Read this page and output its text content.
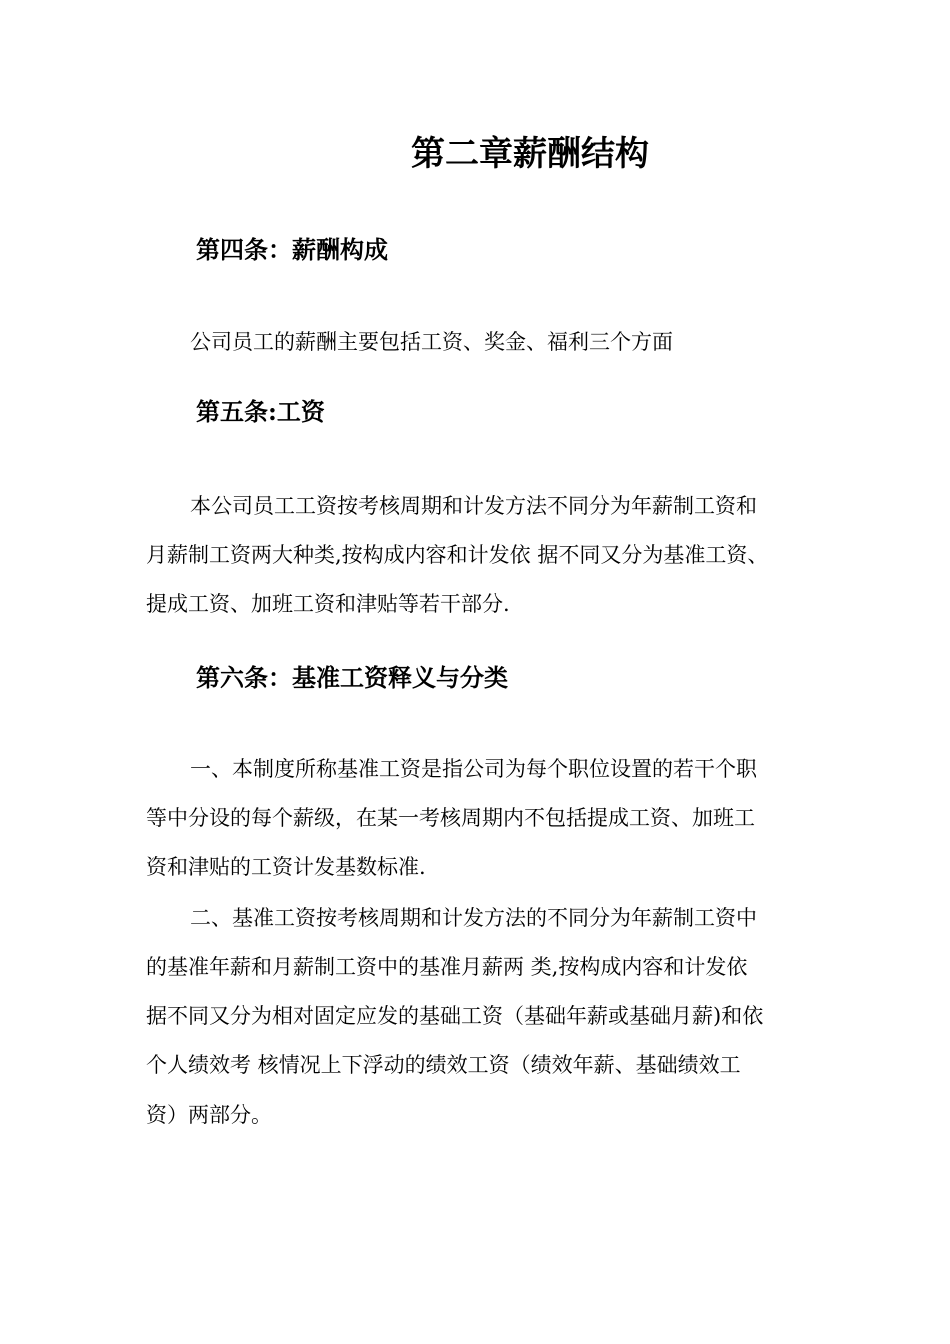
第二章薪酬结构
第四条：薪酬构成

公司员工的薪酬主要包括工资、奖金、福利三个方面

第五条:工资

本公司员工工资按考核周期和计发方法不同分为年薪制工资和

月薪制工资两大种类,按构成内容和计发依 据不同又分为基准工资、

提成工资、加班工资和津贴等若干部分.

第六条：基准工资释义与分类

一、本制度所称基准工资是指公司为每个职位设置的若干个职

等中分设的每个薪级，在某一考核周期内不包括提成工资、加班工

资和津贴的工资计发基数标准.

二、基准工资按考核周期和计发方法的不同分为年薪制工资中

的基准年薪和月薪制工资中的基准月薪两 类,按构成内容和计发依

据不同又分为相对固定应发的基础工资（基础年薪或基础月薪)和依

个人绩效考 核情况上下浮动的绩效工资（绩效年薪、基础绩效工

资）两部分。
